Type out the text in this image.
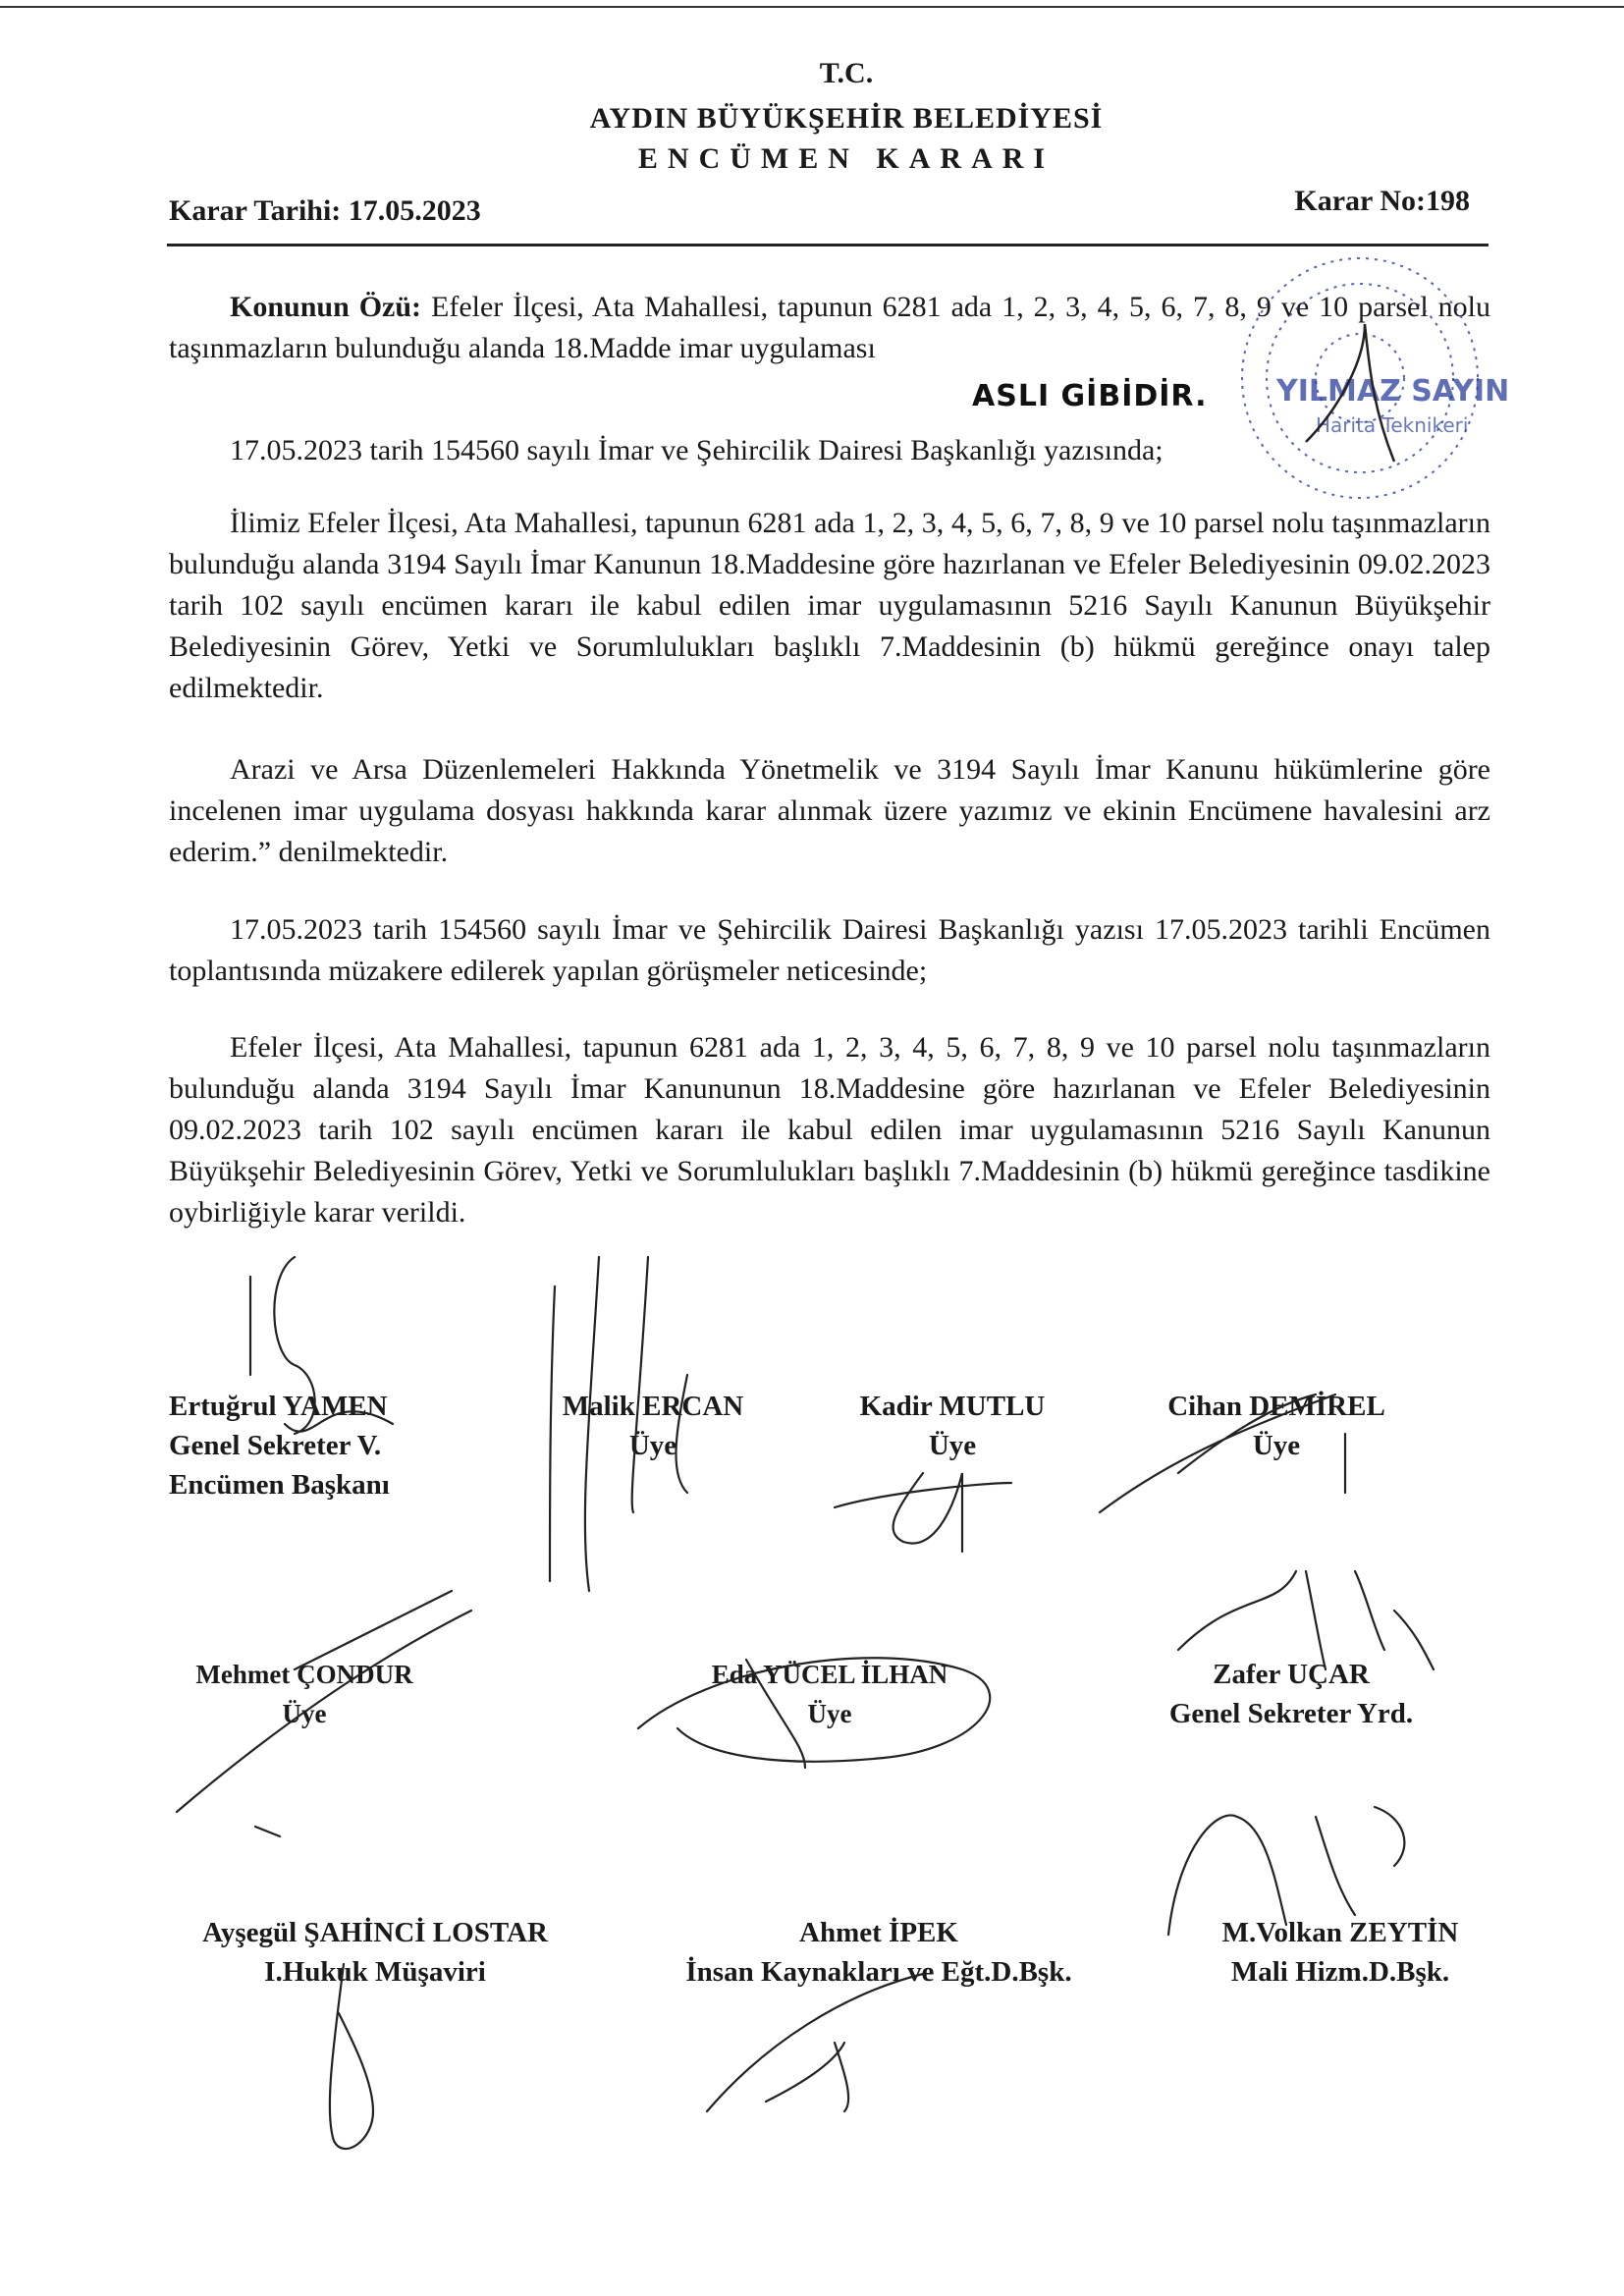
T.C.
AYDIN BÜYÜKŞEHİR BELEDİYESİ
ENCÜMEN KARARI
Karar Tarihi: 17.05.2023	Karar No:198
Konunun Özü: Efeler İlçesi, Ata Mahallesi, tapunun 6281 ada 1, 2, 3, 4, 5, 6, 7, 8, 9 ve 10 parsel nolu taşınmazların bulunduğu alanda 18.Madde imar uygulaması
ASLI GİBİDİR.
17.05.2023 tarih 154560 sayılı İmar ve Şehircilik Dairesi Başkanlığı yazısında;
İlimiz Efeler İlçesi, Ata Mahallesi, tapunun 6281 ada 1, 2, 3, 4, 5, 6, 7, 8, 9 ve 10 parsel nolu taşınmazların bulunduğu alanda 3194 Sayılı İmar Kanunun 18.Maddesine göre hazırlanan ve Efeler Belediyesinin 09.02.2023 tarih 102 sayılı encümen kararı ile kabul edilen imar uygulamasının 5216 Sayılı Kanunun Büyükşehir Belediyesinin Görev, Yetki ve Sorumlulukları başlıklı 7.Maddesinin (b) hükmü gereğince onayı talep edilmektedir.
Arazi ve Arsa Düzenlemeleri Hakkında Yönetmelik ve 3194 Sayılı İmar Kanunu hükümlerine göre incelenen imar uygulama dosyası hakkında karar alınmak üzere yazımız ve ekinin Encümene havalesini arz ederim.” denilmektedir.
17.05.2023 tarih 154560 sayılı İmar ve Şehircilik Dairesi Başkanlığı yazısı 17.05.2023 tarihli Encümen toplantısında müzakere edilerek yapılan görüşmeler neticesinde;
Efeler İlçesi, Ata Mahallesi, tapunun 6281 ada 1, 2, 3, 4, 5, 6, 7, 8, 9 ve 10 parsel nolu taşınmazların bulunduğu alanda 3194 Sayılı İmar Kanununun 18.Maddesine göre hazırlanan ve Efeler Belediyesinin 09.02.2023 tarih 102 sayılı encümen kararı ile kabul edilen imar uygulamasının 5216 Sayılı Kanunun Büyükşehir Belediyesinin Görev, Yetki ve Sorumlulukları başlıklı 7.Maddesinin (b) hükmü gereğince tasdikine oybirliğiyle karar verildi.
Ertuğrul YAMEN
Genel Sekreter V.
Encümen Başkanı
Malik ERCAN
Üye
Kadir MUTLU
Üye
Cihan DEMİREL
Üye
Mehmet ÇONDUR
Üye
Eda YÜCEL İLHAN
Üye
Zafer UÇAR
Genel Sekreter Yrd.
Ayşegül ŞAHİNCİ LOSTAR
I.Hukuk Müşaviri
Ahmet İPEK
İnsan Kaynakları ve Eğt.D.Bşk.
M.Volkan ZEYTİN
Mali Hizm.D.Bşk.
YILMAZ SAYIN
Harita Teknikeri
